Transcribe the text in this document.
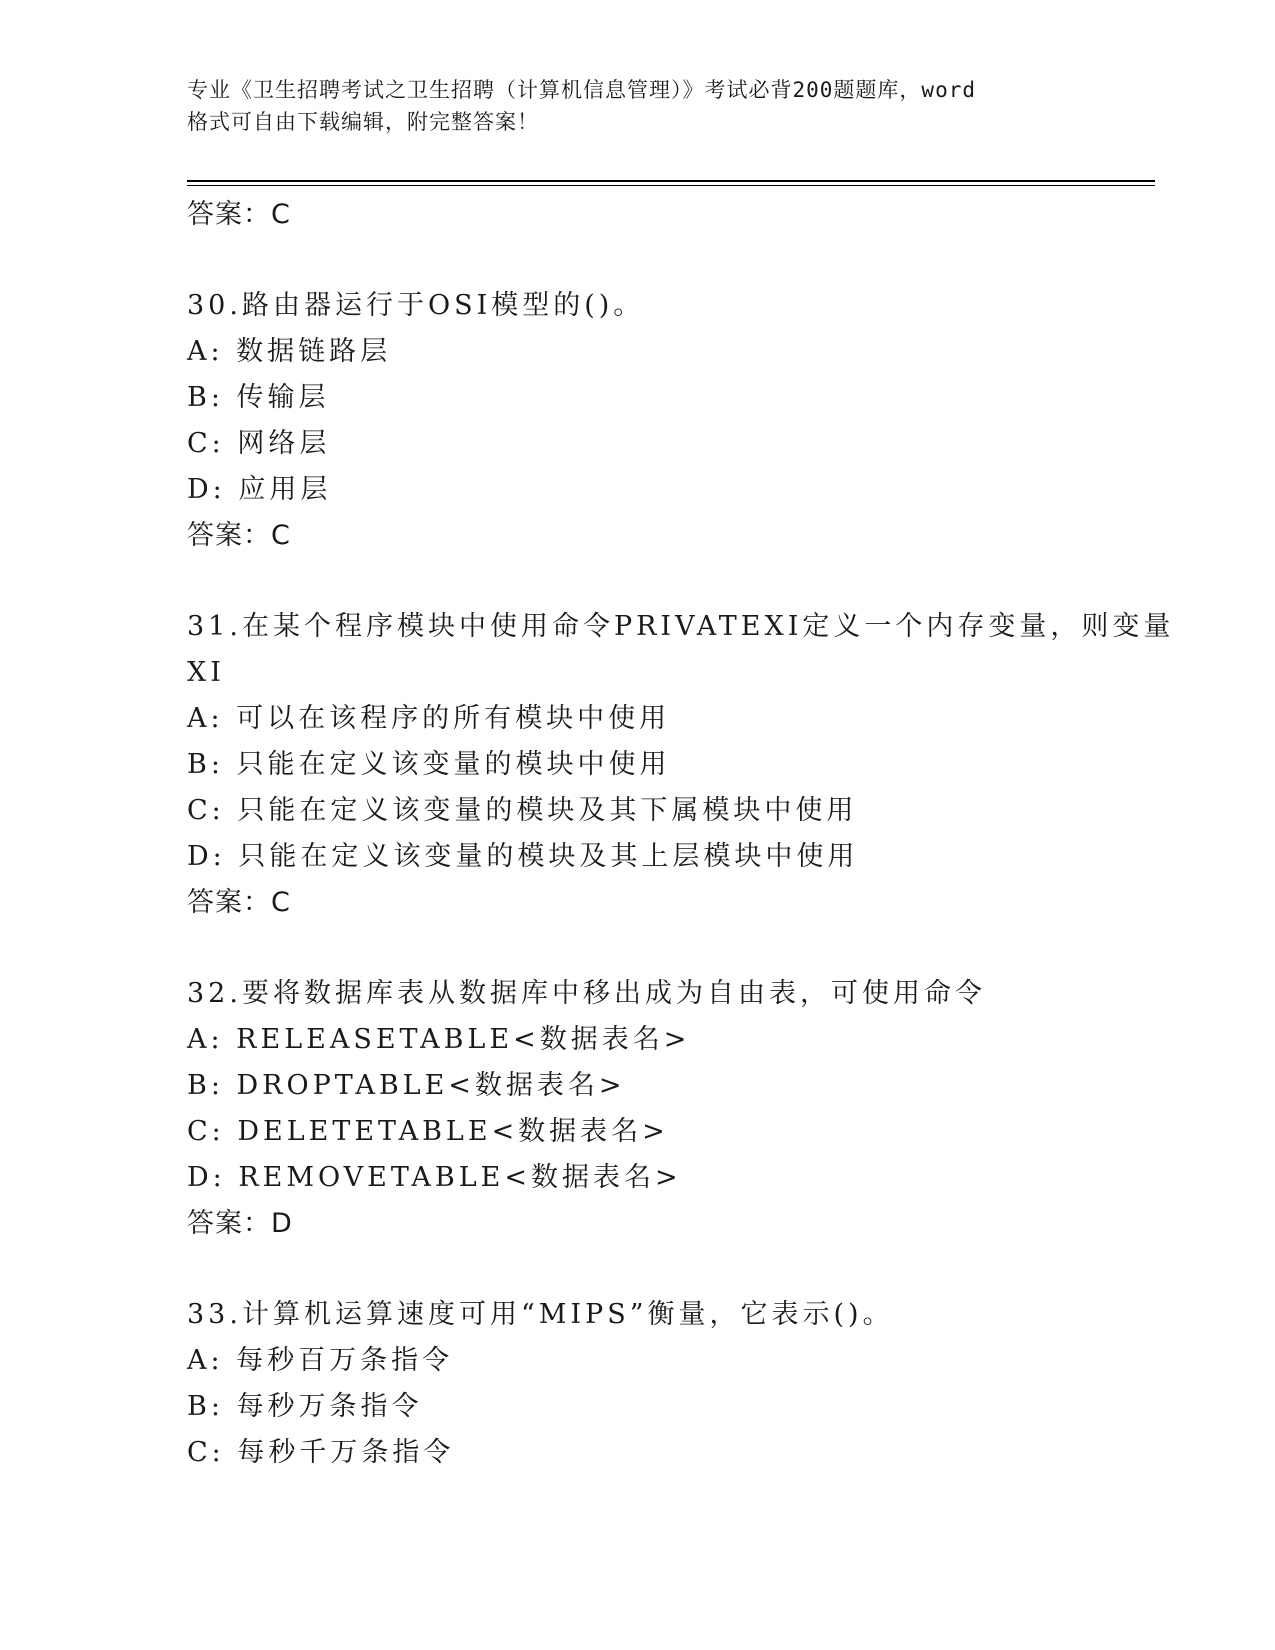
专业《卫生招聘考试之卫生招聘（计算机信息管理）》考试必背200题题库，word
格式可自由下载编辑，附完整答案！
答案：C
30.路由器运行于OSI模型的()。
A: 数据链路层
B: 传输层
C: 网络层
D: 应用层
答案：C
31.在某个程序模块中使用命令PRIVATEXI定义一个内存变量，则变量
XI
A: 可以在该程序的所有模块中使用
B: 只能在定义该变量的模块中使用
C: 只能在定义该变量的模块及其下属模块中使用
D: 只能在定义该变量的模块及其上层模块中使用
答案：C
32.要将数据库表从数据库中移出成为自由表，可使用命令
A: RELEASETABLE<数据表名>
B: DROPTABLE<数据表名>
C: DELETETABLE<数据表名>
D: REMOVETABLE<数据表名>
答案：D
33.计算机运算速度可用“MIPS”衡量，它表示()。
A: 每秒百万条指令
B: 每秒万条指令
C: 每秒千万条指令
